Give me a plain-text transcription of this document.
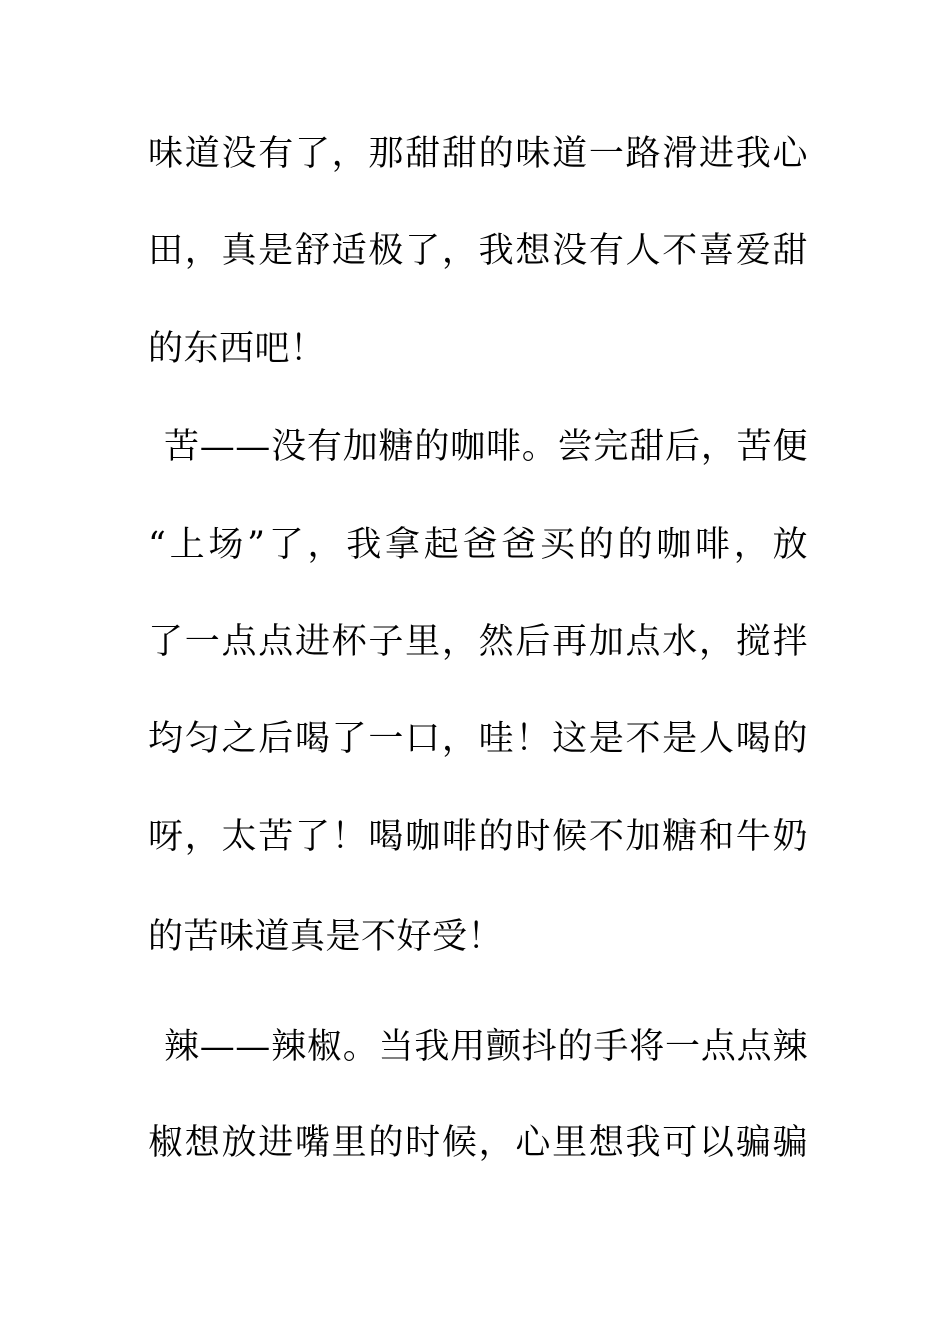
味道没有了，那甜甜的味道一路滑进我心
田，真是舒适极了，我想没有人不喜爱甜
的东西吧！
苦——没有加糖的咖啡。尝完甜后，苦便
“上场”了，我拿起爸爸买的的咖啡，放
了一点点进杯子里，然后再加点水，搅拌
均匀之后喝了一口，哇！这是不是人喝的
呀，太苦了！喝咖啡的时候不加糖和牛奶
的苦味道真是不好受！
辣——辣椒。当我用颤抖的手将一点点辣
椒想放进嘴里的时候，心里想我可以骗骗
